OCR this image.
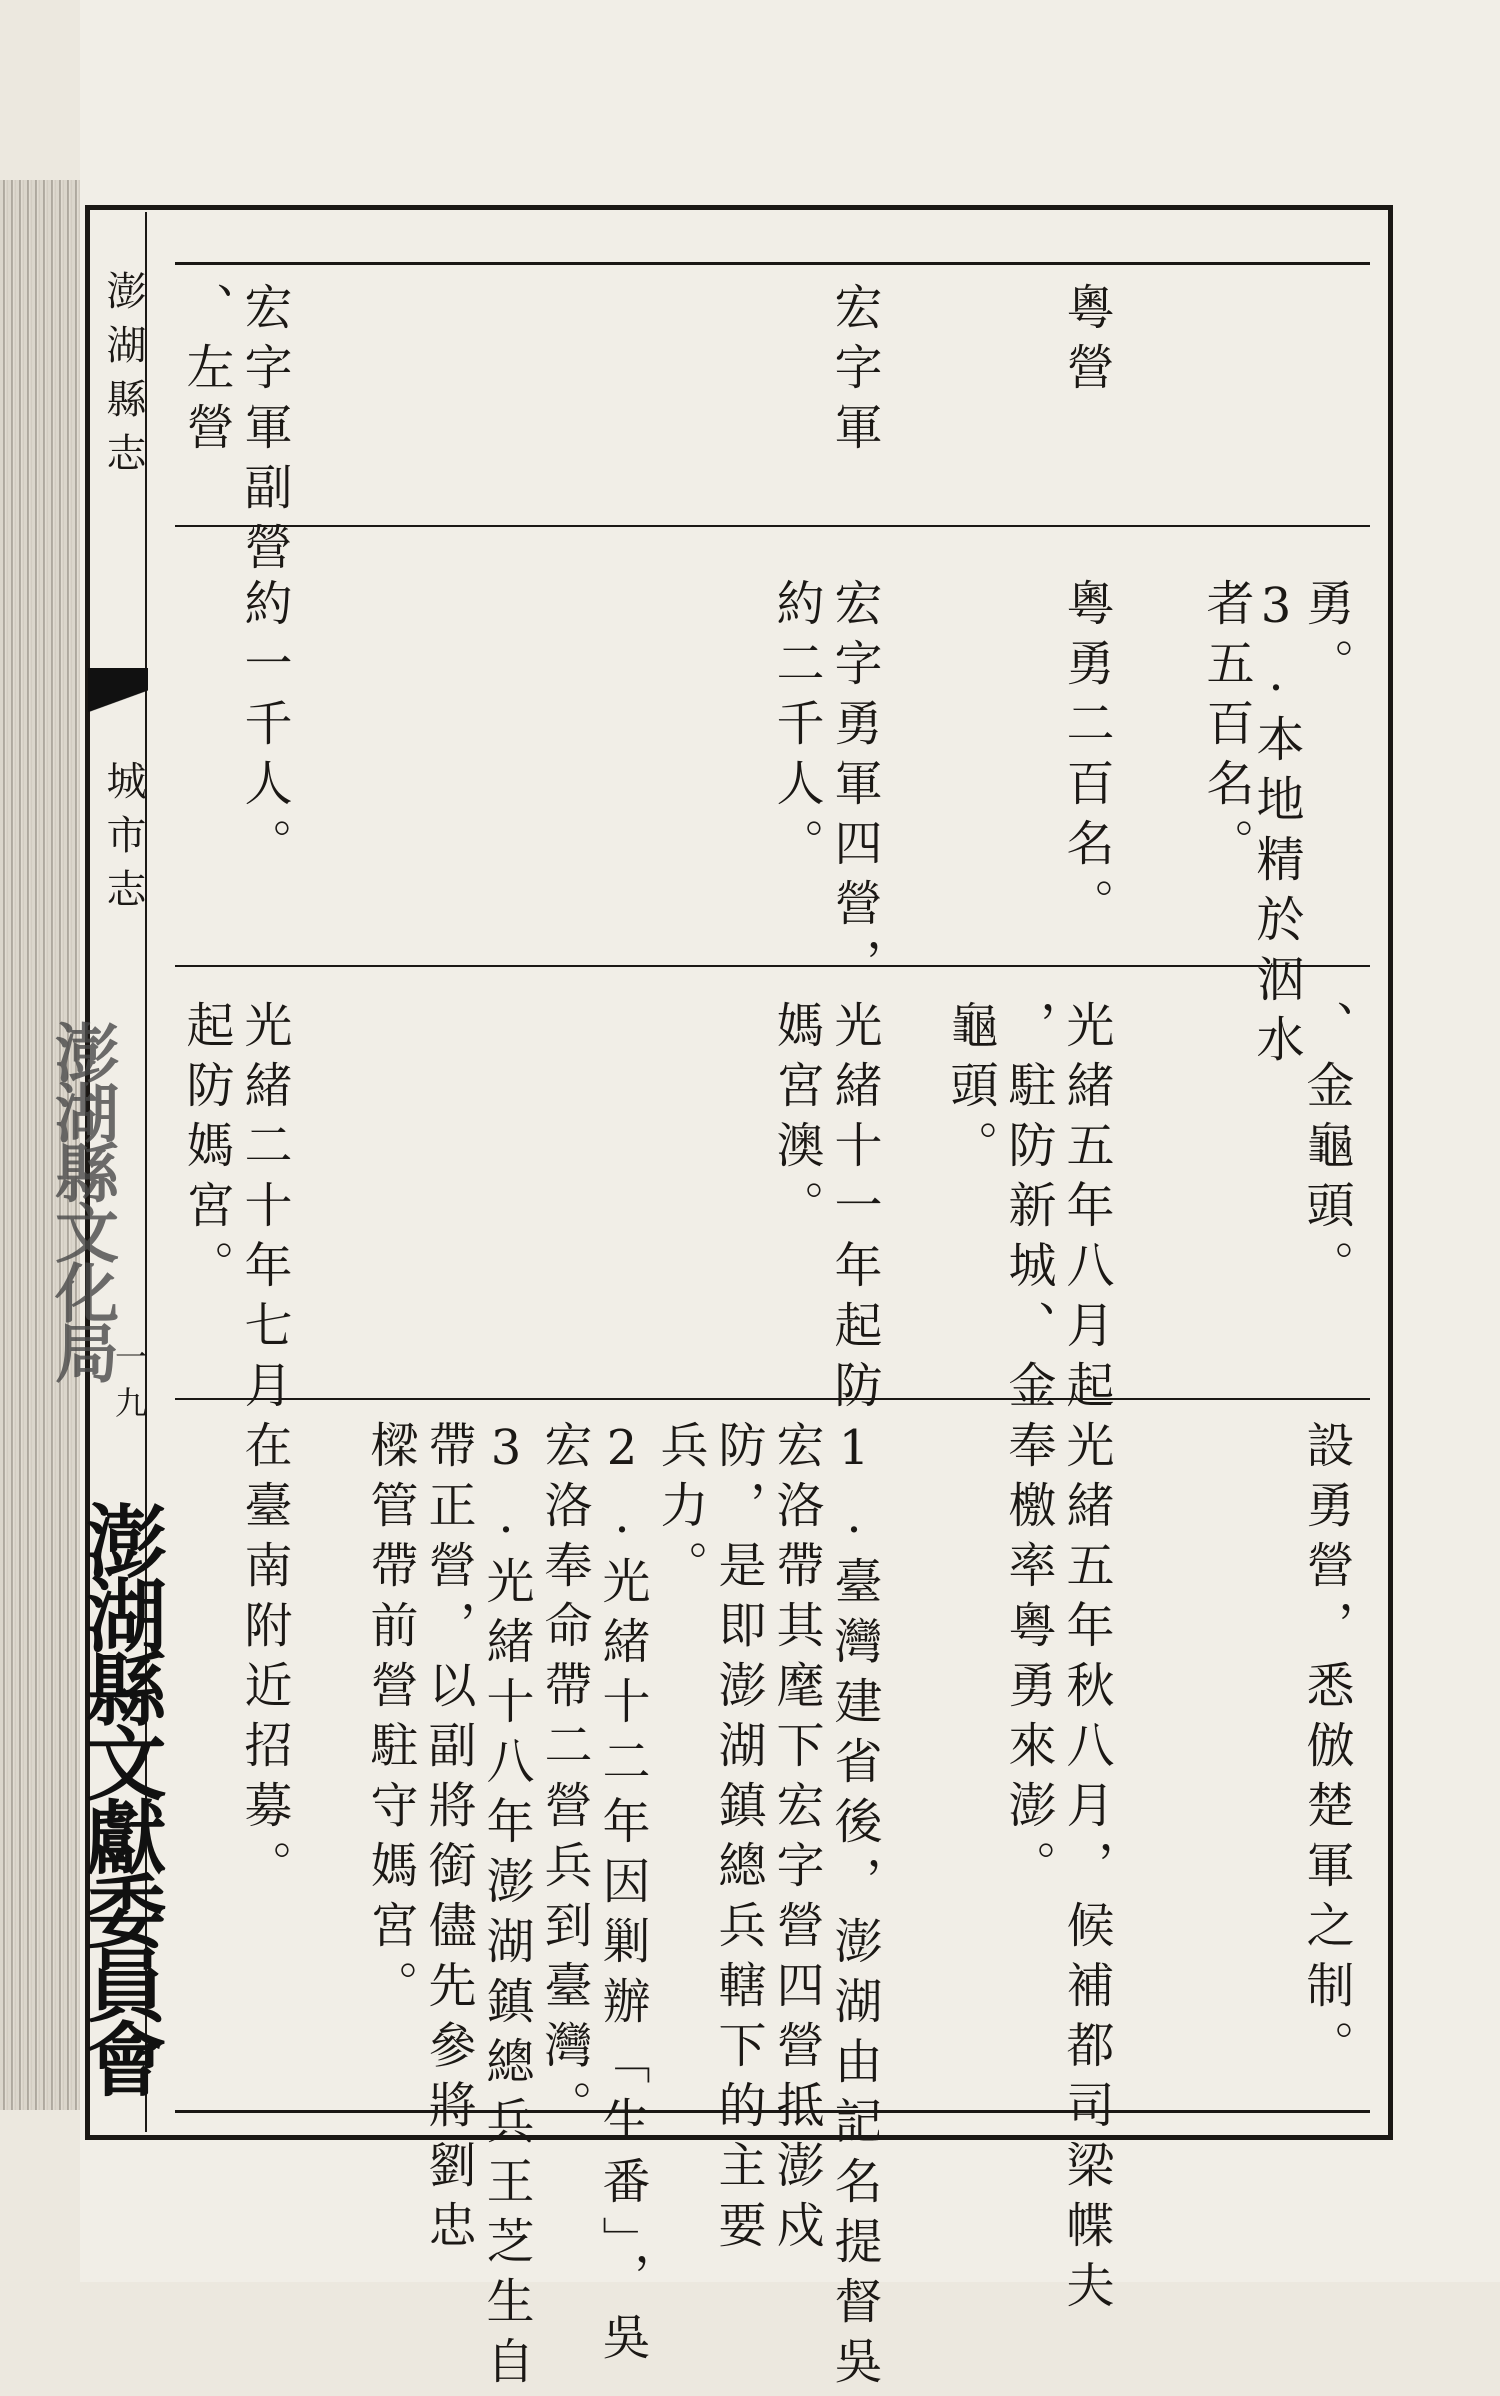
澎湖縣志
城市志
一九
澎湖縣文化局
澎湖縣文獻委員會
勇。
3.本地精於泅水
者五百名。
、金龜頭。
設勇營，悉倣楚軍之制。
粵營
粵勇二百名。
光緒五年八月起
，駐防新城、金
龜頭。
光緒五年秋八月，候補都司梁幉夫
奉檄率粵勇來澎。
宏字軍
宏字勇軍四營，
約二千人。
光緒十一年起防
媽宮澳。
1.臺灣建省後，澎湖由記名提督吳
宏洛帶其麾下宏字營四營抵澎戍
防，是即澎湖鎮總兵轄下的主要
兵力。
2.光緒十二年因剿辦「生番」，吳
宏洛奉命帶二營兵到臺灣。
3.光緒十八年澎湖鎮總兵王芝生自
帶正營，以副將銜儘先參將劉忠
樑管帶前營駐守媽宮。
宏字軍副營
、左營
約一千人。
光緒二十年七月
起防媽宮。
在臺南附近招募。
